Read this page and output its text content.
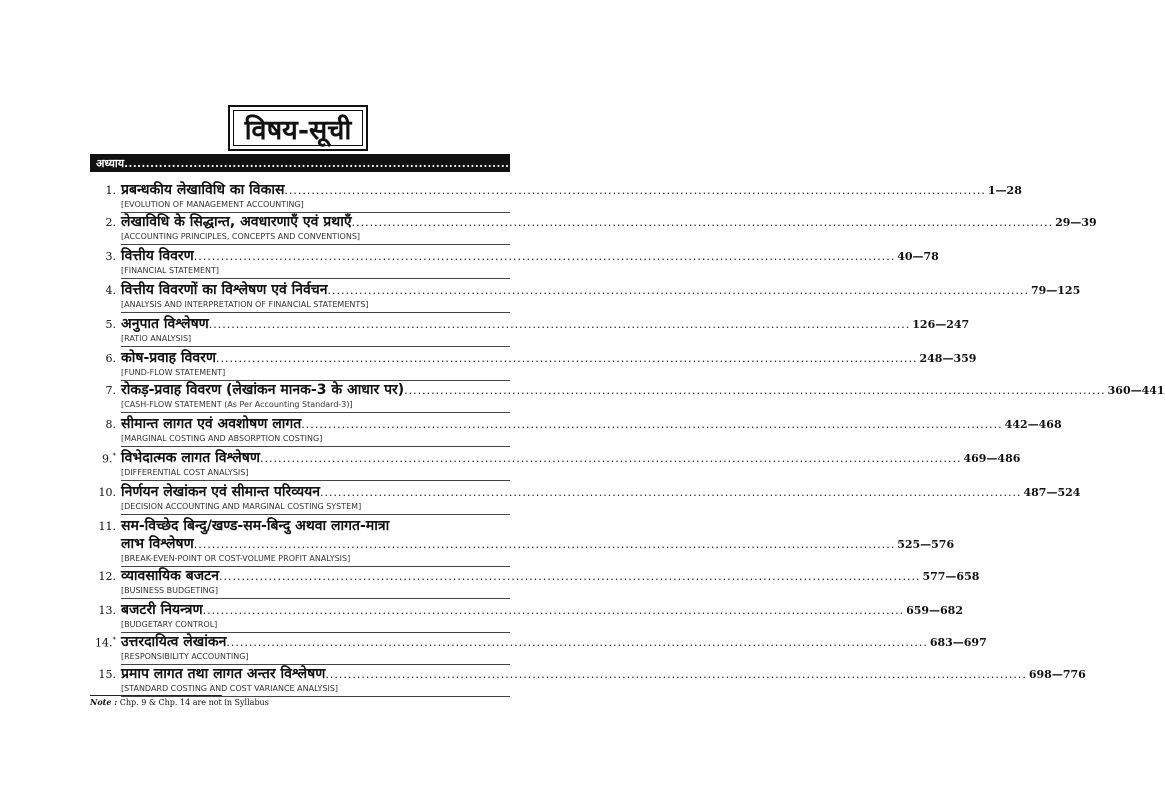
विषय-सूची
अध्याय .................................................................................................... पृष्ठ-संख्या
1. प्रबन्धकीय लेखाविधि का विकास ............................................................................................................................................................ 1—28
[EVOLUTION OF MANAGEMENT ACCOUNTING]
2. लेखाविधि के सिद्धान्त, अवधारणाएँ एवं प्रथाएँ ............................................................................................................................................................ 29—39
[ACCOUNTING PRINCIPLES, CONCEPTS AND CONVENTIONS]
3. वित्तीय विवरण ............................................................................................................................................................ 40—78
[FINANCIAL STATEMENT]
4. वित्तीय विवरणों का विश्लेषण एवं निर्वचन ............................................................................................................................................................ 79—125
[ANALYSIS AND INTERPRETATION OF FINANCIAL STATEMENTS]
5. अनुपात विश्लेषण ............................................................................................................................................................ 126—247
[RATIO ANALYSIS]
6. कोष-प्रवाह विवरण ............................................................................................................................................................ 248—359
[FUND-FLOW STATEMENT]
7. रोकड़-प्रवाह विवरण (लेखांकन मानक-3 के आधार पर) ............................................................................................................................................................ 360—441
[CASH-FLOW STATEMENT (As Per Accounting Standard-3)]
8. सीमान्त लागत एवं अवशोषण लागत ............................................................................................................................................................ 442—468
[MARGINAL COSTING AND ABSORPTION COSTING]
9.* विभेदात्मक लागत विश्लेषण ............................................................................................................................................................ 469—486
[DIFFERENTIAL COST ANALYSIS]
10. निर्णयन लेखांकन एवं सीमान्त परिव्ययन ............................................................................................................................................................ 487—524
[DECISION ACCOUNTING AND MARGINAL COSTING SYSTEM]
11. सम-विच्छेद बिन्दु/खण्ड-सम-बिन्दु अथवा लागत-मात्रा
लाभ विश्लेषण ............................................................................................................................................................ 525—576
[BREAK-EVEN-POINT OR COST-VOLUME PROFIT ANALYSIS]
12. व्यावसायिक बजटन ............................................................................................................................................................ 577—658
[BUSINESS BUDGETING]
13. बजटरी नियन्त्रण ............................................................................................................................................................ 659—682
[BUDGETARY CONTROL]
14.* उत्तरदायित्व लेखांकन ............................................................................................................................................................ 683—697
[RESPONSIBILITY ACCOUNTING]
15. प्रमाप लागत तथा लागत अन्तर विश्लेषण ............................................................................................................................................................ 698—776
[STANDARD COSTING AND COST VARIANCE ANALYSIS]
Note : Chp. 9 & Chp. 14 are not in Syllabus
